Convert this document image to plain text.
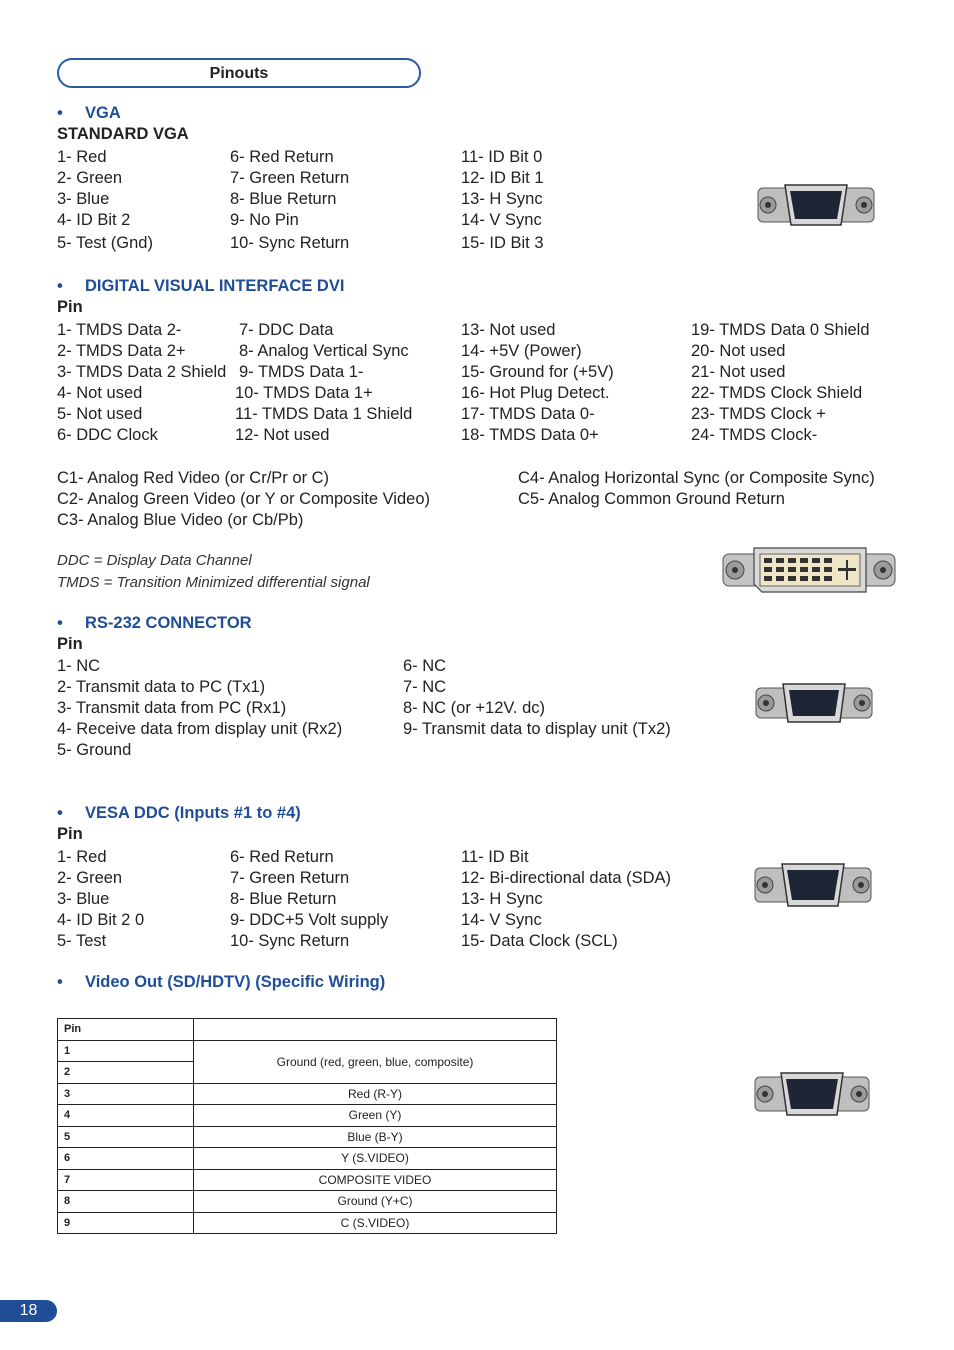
Pinouts
• VGA
STANDARD VGA
1- Red
2- Green
3- Blue
4- ID Bit 2
5- Test (Gnd)
6- Red Return
7- Green Return
8- Blue Return
9- No Pin
10- Sync Return
11- ID Bit 0
12- ID Bit 1
13- H Sync
14- V Sync
15- ID Bit 3
• DIGITAL VISUAL INTERFACE DVI
Pin
1- TMDS Data 2-
2- TMDS Data 2+
3- TMDS Data 2 Shield
4- Not used
5- Not used
6- DDC Clock
7- DDC Data
8- Analog Vertical Sync
9- TMDS Data 1-
10- TMDS Data 1+
11- TMDS Data 1 Shield
12- Not used
13- Not used
14- +5V (Power)
15- Ground for (+5V)
16- Hot Plug Detect.
17- TMDS Data 0-
18- TMDS Data 0+
19- TMDS Data 0 Shield
20- Not used
21- Not used
22- TMDS Clock Shield
23- TMDS Clock +
24- TMDS Clock-
C1- Analog Red Video (or Cr/Pr or C)
C2- Analog Green Video (or Y or Composite Video)
C3- Analog Blue Video (or Cb/Pb)
C4- Analog Horizontal Sync (or Composite Sync)
C5- Analog Common Ground Return
DDC = Display Data Channel
TMDS = Transition Minimized differential signal
• RS-232 CONNECTOR
Pin
1- NC
2- Transmit data to PC (Tx1)
3- Transmit data from PC (Rx1)
4- Receive data from display unit (Rx2)
5- Ground
6- NC
7- NC
8- NC (or +12V. dc)
9- Transmit data to display unit (Tx2)
• VESA DDC (Inputs #1 to #4)
Pin
1- Red
2- Green
3- Blue
4- ID Bit 2 0
5- Test
6- Red Return
7- Green Return
8- Blue Return
9- DDC+5 Volt supply
10- Sync Return
11- ID Bit
12- Bi-directional data (SDA)
13- H Sync
14- V Sync
15- Data Clock (SCL)
• Video Out (SD/HDTV) (Specific Wiring)
Pin	
1	Ground (red, green, blue, composite)
2	
3	Red (R-Y)
4	Green (Y)
5	Blue (B-Y)
6	Y (S.VIDEO)
7	COMPOSITE VIDEO
8	Ground (Y+C)
9	C (S.VIDEO)
18
